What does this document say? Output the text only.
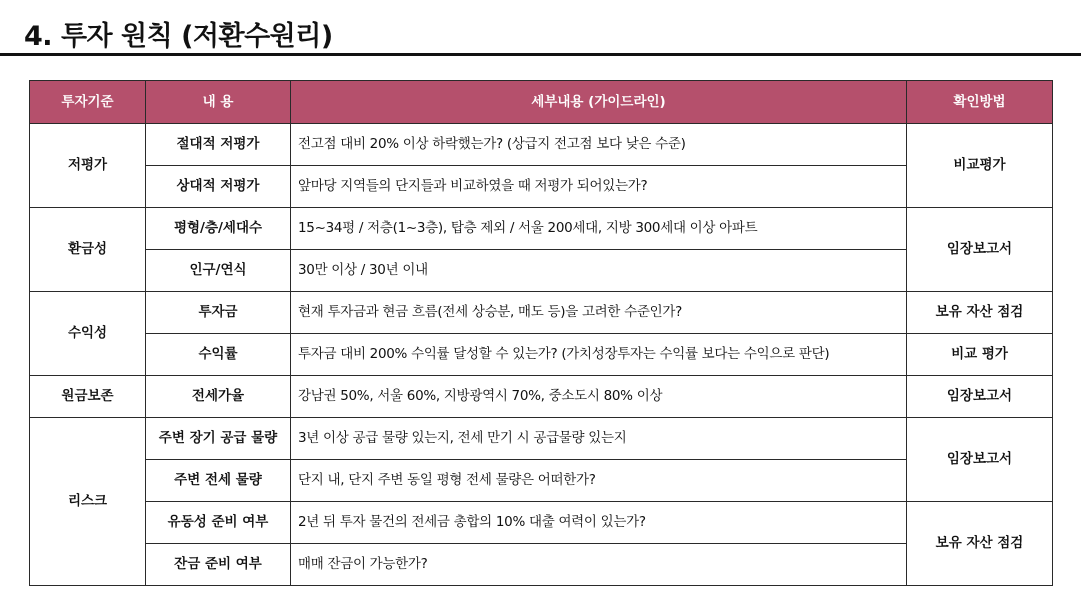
4. 투자 원칙 (저환수원리)
투자기준	내 용	세부내용 (가이드라인)	확인방법
저평가	절대적 저평가	전고점 대비 20% 이상 하락했는가? (상급지 전고점 보다 낮은 수준)	비교평가
	상대적 저평가	앞마당 지역들의 단지들과 비교하였을 때 저평가 되어있는가?	
환금성	평형/층/세대수	15~34평 / 저층(1~3층), 탑층 제외 / 서울 200세대, 지방 300세대 이상 아파트	임장보고서
	인구/연식	30만 이상 / 30년 이내	
수익성	투자금	현재 투자금과 현금 흐름(전세 상승분, 매도 등)을 고려한 수준인가?	보유 자산 점검
	수익률	투자금 대비 200% 수익률 달성할 수 있는가? (가치성장투자는 수익률 보다는 수익으로 판단)	비교 평가
원금보존	전세가율	강남권 50%, 서울 60%, 지방광역시 70%, 중소도시 80% 이상	임장보고서
리스크	주변 장기 공급 물량	3년 이상 공급 물량 있는지, 전세 만기 시 공급물량 있는지	임장보고서
	주변 전세 물량	단지 내, 단지 주변 동일 평형 전세 물량은 어떠한가?	
	유동성 준비 여부	2년 뒤 투자 물건의 전세금 총합의 10% 대출 여력이 있는가?	보유 자산 점검
	잔금 준비 여부	매매 잔금이 가능한가?	
